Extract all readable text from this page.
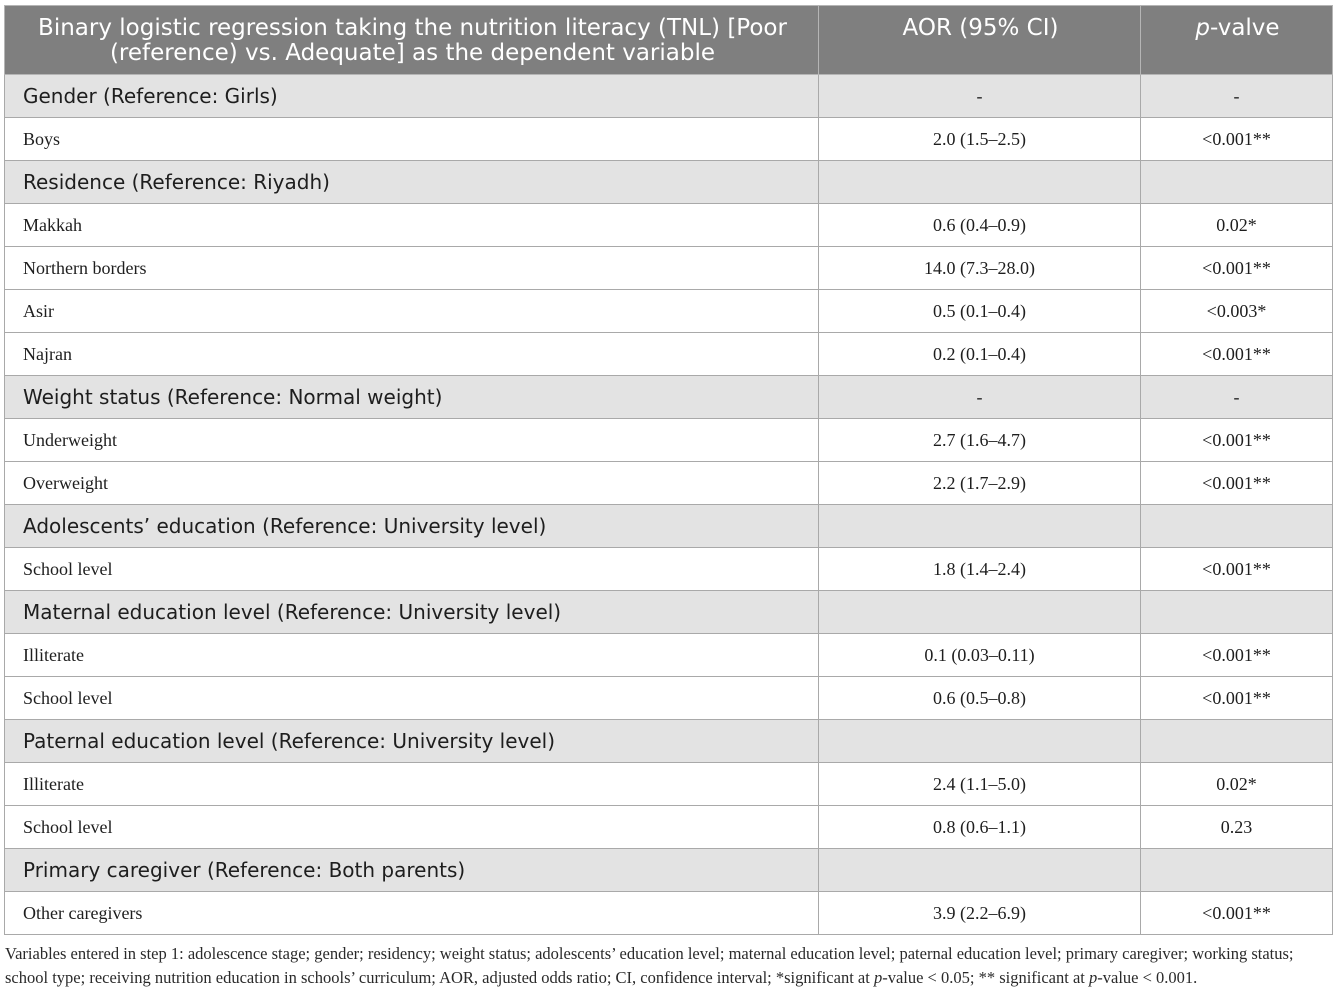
Binary logistic regression taking the nutrition literacy (TNL) [Poor (reference) vs. Adequate] as the dependent variable	AOR (95% CI)	p-valve
Gender (Reference: Girls)	-	-
Boys	2.0 (1.5–2.5)	<0.001**
Residence (Reference: Riyadh)		
Makkah	0.6 (0.4–0.9)	0.02*
Northern borders	14.0 (7.3–28.0)	<0.001**
Asir	0.5 (0.1–0.4)	<0.003*
Najran	0.2 (0.1–0.4)	<0.001**
Weight status (Reference: Normal weight)	-	-
Underweight	2.7 (1.6–4.7)	<0.001**
Overweight	2.2 (1.7–2.9)	<0.001**
Adolescents’ education (Reference: University level)		
School level	1.8 (1.4–2.4)	<0.001**
Maternal education level (Reference: University level)		
Illiterate	0.1 (0.03–0.11)	<0.001**
School level	0.6 (0.5–0.8)	<0.001**
Paternal education level (Reference: University level)		
Illiterate	2.4 (1.1–5.0)	0.02*
School level	0.8 (0.6–1.1)	0.23
Primary caregiver (Reference: Both parents)		
Other caregivers	3.9 (2.2–6.9)	<0.001**

Variables entered in step 1: adolescence stage; gender; residency; weight status; adolescents’ education level; maternal education level; paternal education level; primary caregiver; working status; school type; receiving nutrition education in schools’ curriculum; AOR, adjusted odds ratio; CI, confidence interval; *significant at p-value < 0.05; ** significant at p-value < 0.001.
